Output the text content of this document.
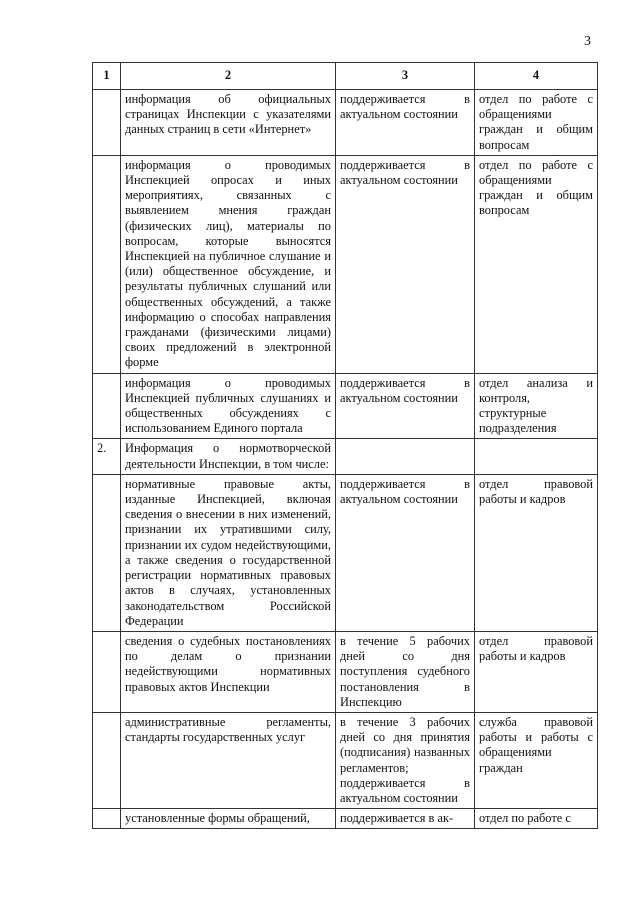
3
1	2	3	4
	информация об официальных страницах Инспекции с указателями данных страниц в сети «Интернет»	поддерживается в актуальном состоянии	отдел по работе с обращениями граждан и общим вопросам
	информация о проводимых Инспекцией опросах и иных мероприятиях, связанных с выявлением мнения граждан (физических лиц), материалы по вопросам, которые выносятся Инспекцией на публичное слушание и (или) общественное обсуждение, и результаты публичных слушаний или общественных обсуждений, а также информацию о способах направления гражданами (физическими лицами) своих предложений в электронной форме	поддерживается в актуальном состоянии	отдел по работе с обращениями граждан и общим вопросам
	информация о проводимых Инспекцией публичных слушаниях и общественных обсуждениях с использованием Единого портала	поддерживается в актуальном состоянии	отдел анализа и контроля, структурные подразделения
2.	Информация о нормотворческой деятельности Инспекции, в том числе:		
	нормативные правовые акты, изданные Инспекцией, включая сведения о внесении в них изменений, признании их утратившими силу, признании их судом недействующими, а также сведения о государственной регистрации нормативных правовых актов в случаях, установленных законодательством Российской Федерации	поддерживается в актуальном состоянии	отдел правовой работы и кадров
	сведения о судебных постановлениях по делам о признании недействующими нормативных правовых актов Инспекции	в течение 5 рабочих дней со дня поступления судебного постановления в Инспекцию	отдел правовой работы и кадров
	административные регламенты, стандарты государственных услуг	в течение 3 рабочих дней со дня принятия (подписания) названных регламентов; поддерживается в актуальном состоянии	служба правовой работы и работы с обращениями граждан
	установленные формы обращений,	поддерживается в ак-	отдел по работе с
